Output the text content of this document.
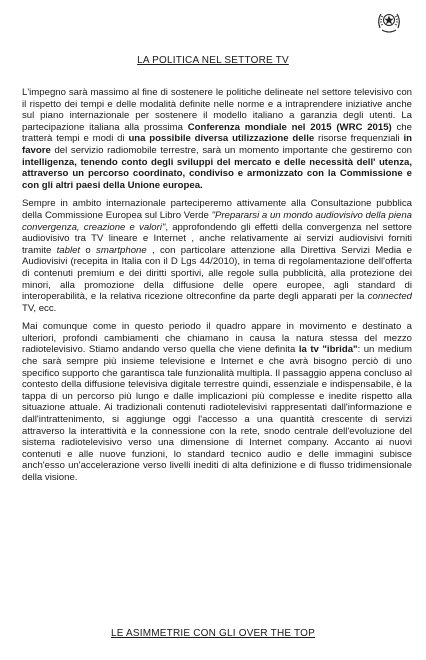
LA POLITICA NEL SETTORE TV

L'impegno sarà massimo al fine di sostenere le politiche delineate nel settore televisivo con il rispetto dei tempi e delle modalità definite nelle norme e a intraprendere iniziative anche sul piano internazionale per sostenere il modello italiano a garanzia degli utenti. La partecipazione italiana alla prossima Conferenza mondiale nel 2015 (WRC 2015) che tratterà tempi e modi di una possibile diversa utilizzazione delle risorse frequenziali in favore del servizio radiomobile terrestre, sarà un momento importante che gestiremo con intelligenza, tenendo conto degli sviluppi del mercato e delle necessità dell' utenza, attraverso un percorso coordinato, condiviso e armonizzato con la Commissione e con gli altri paesi della Unione europea.

Sempre in ambito internazionale parteciperemo attivamente alla Consultazione pubblica della Commissione Europea sul Libro Verde "Prepararsi a un mondo audiovisivo della piena convergenza, creazione e valori", approfondendo gli effetti della convergenza nel settore audiovisivo tra TV lineare e Internet , anche relativamente ai servizi audiovisivi forniti tramite tablet o smartphone , con particolare attenzione alla Direttiva Servizi Media e Audiovisivi (recepita in Italia con il D Lgs 44/2010), in tema di regolamentazione dell'offerta di contenuti premium e dei diritti sportivi, alle regole sulla pubblicità, alla protezione dei minori, alla promozione della diffusione delle opere europee, agli standard di interoperabilità, e la relativa ricezione oltreconfine da parte degli apparati per la connected TV, ecc.

Mai comunque come in questo periodo il quadro appare in movimento e destinato a ulteriori, profondi cambiamenti che chiamano in causa la natura stessa del mezzo radiotelevisivo. Stiamo andando verso quella che viene definita la tv "ibrida": un medium che sarà sempre più insieme televisione e Internet e che avrà bisogno perciò di uno specifico supporto che garantisca tale funzionalità multipla. Il passaggio appena concluso al contesto della diffusione televisiva digitale terrestre quindi, essenziale e indispensabile, è la tappa di un percorso più lungo e dalle implicazioni più complesse e inedite rispetto alla situazione attuale. Ai tradizionali contenuti radiotelevisivi rappresentati dall'informazione e dall'intrattenimento, si aggiunge oggi l'accesso a una quantità crescente di servizi attraverso la interattività e la connessione con la rete, snodo centrale dell'evoluzione del sistema radiotelevisivo verso una dimensione di Internet company. Accanto ai nuovi contenuti e alle nuove funzioni, lo standard tecnico audio e delle immagini subisce anch'esso un'accelerazione verso livelli inediti di alta definizione e di flusso tridimensionale della visione.

LE ASIMMETRIE CON GLI OVER THE TOP
